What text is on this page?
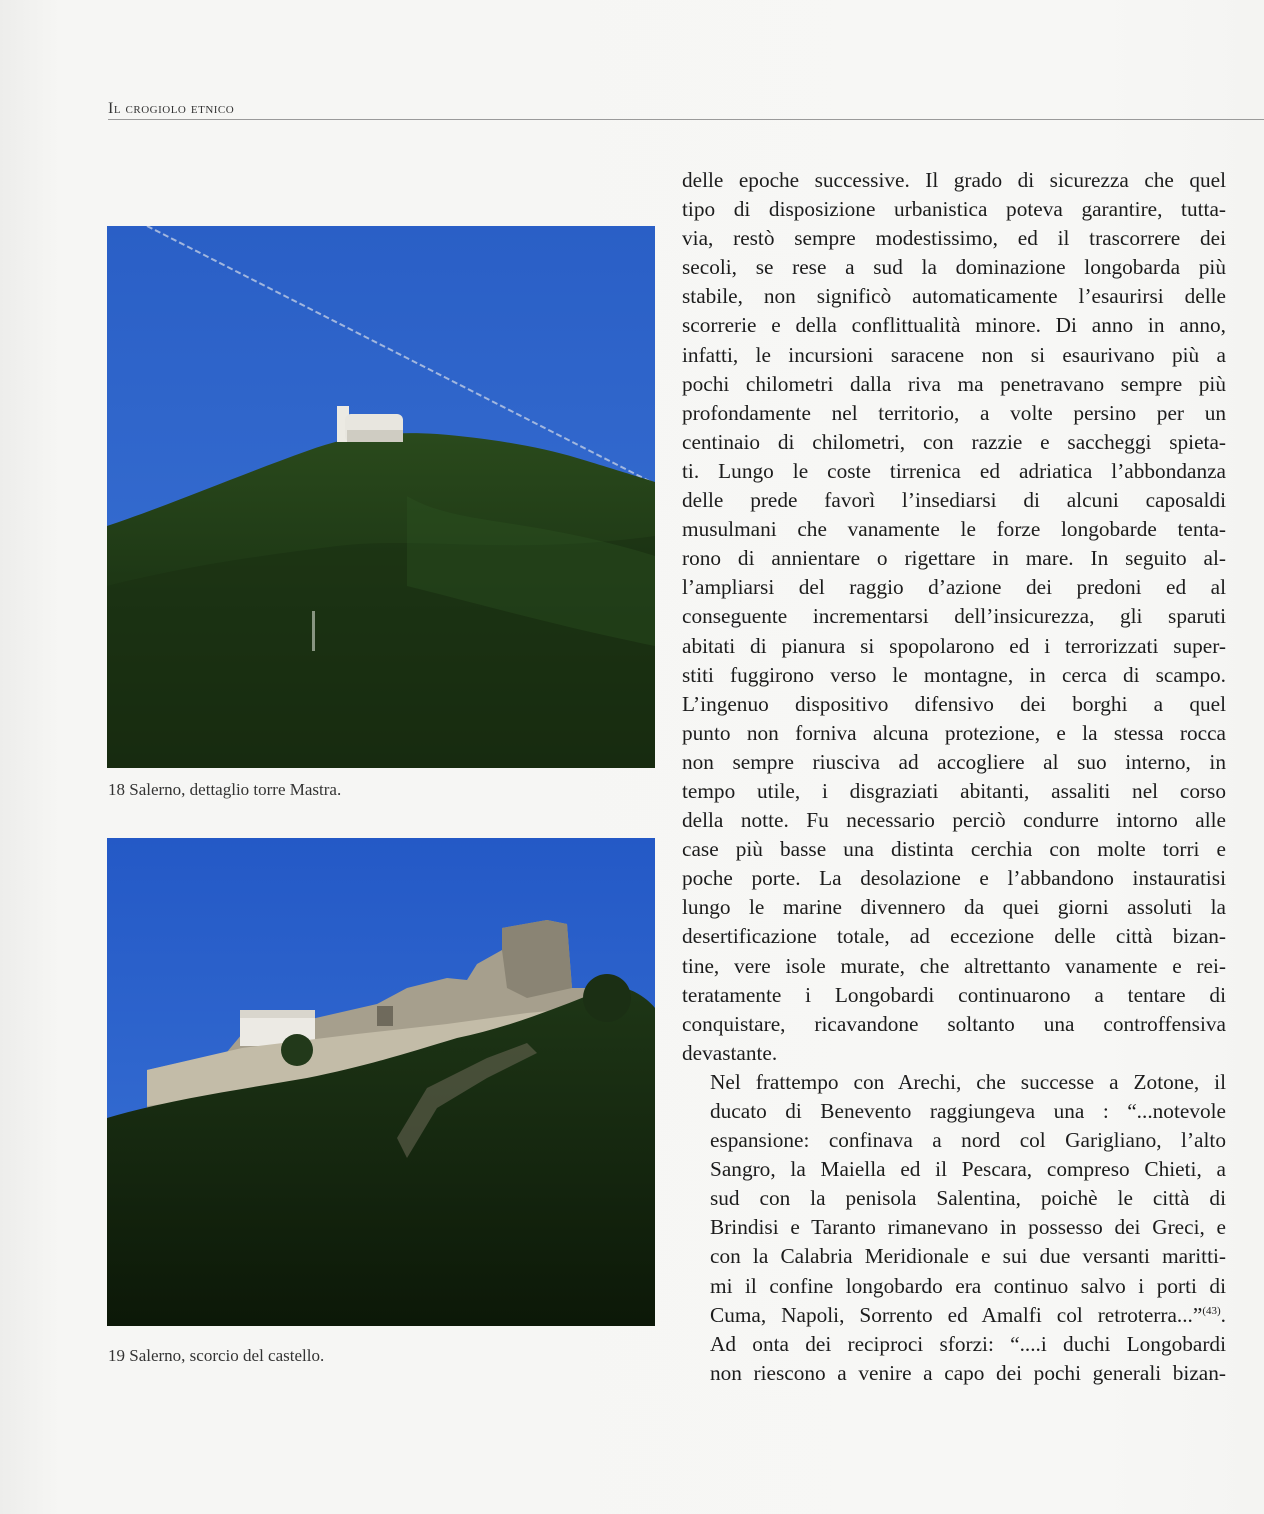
Il crogiolo etnico
18 Salerno, dettaglio torre Mastra.
19 Salerno, scorcio del castello.

delle epoche successive. Il grado di sicurezza che quel
tipo di disposizione urbanistica poteva garantire, tutta-
via, restò sempre modestissimo, ed il trascorrere dei
secoli, se rese a sud la dominazione longobarda più
stabile, non significò automaticamente l’esaurirsi delle
scorrerie e della conflittualità minore. Di anno in anno,
infatti, le incursioni saracene non si esaurivano più a
pochi chilometri dalla riva ma penetravano sempre più
profondamente nel territorio, a volte persino per un
centinaio di chilometri, con razzie e saccheggi spieta-
ti. Lungo le coste tirrenica ed adriatica l’abbondanza
delle prede favorì l’insediarsi di alcuni caposaldi
musulmani che vanamente le forze longobarde tenta-
rono di annientare o rigettare in mare. In seguito al-
l’ampliarsi del raggio d’azione dei predoni ed al
conseguente incrementarsi dell’insicurezza, gli sparuti
abitati di pianura si spopolarono ed i terrorizzati super-
stiti fuggirono verso le montagne, in cerca di scampo.
L’ingenuo dispositivo difensivo dei borghi a quel
punto non forniva alcuna protezione, e la stessa rocca
non sempre riusciva ad accogliere al suo interno, in
tempo utile, i disgraziati abitanti, assaliti nel corso
della notte. Fu necessario perciò condurre intorno alle
case più basse una distinta cerchia con molte torri e
poche porte. La desolazione e l’abbandono instauratisi
lungo le marine divennero da quei giorni assoluti la
desertificazione totale, ad eccezione delle città bizan-
tine, vere isole murate, che altrettanto vanamente e rei-
teratamente i Longobardi continuarono a tentare di
conquistare, ricavandone soltanto una controffensiva
devastante.

Nel frattempo con Arechi, che successe a Zotone, il
ducato di Benevento raggiungeva una : “...notevole
espansione: confinava a nord col Garigliano, l’alto
Sangro, la Maiella ed il Pescara, compreso Chieti, a
sud con la penisola Salentina, poichè le città di
Brindisi e Taranto rimanevano in possesso dei Greci, e
con la Calabria Meridionale e sui due versanti maritti-
mi il confine longobardo era continuo salvo i porti di
Cuma, Napoli, Sorrento ed Amalfi col retroterra...”$^{(43)}$.
Ad onta dei reciproci sforzi: “....i duchi Longobardi
non riescono a venire a capo dei pochi generali bizan-
